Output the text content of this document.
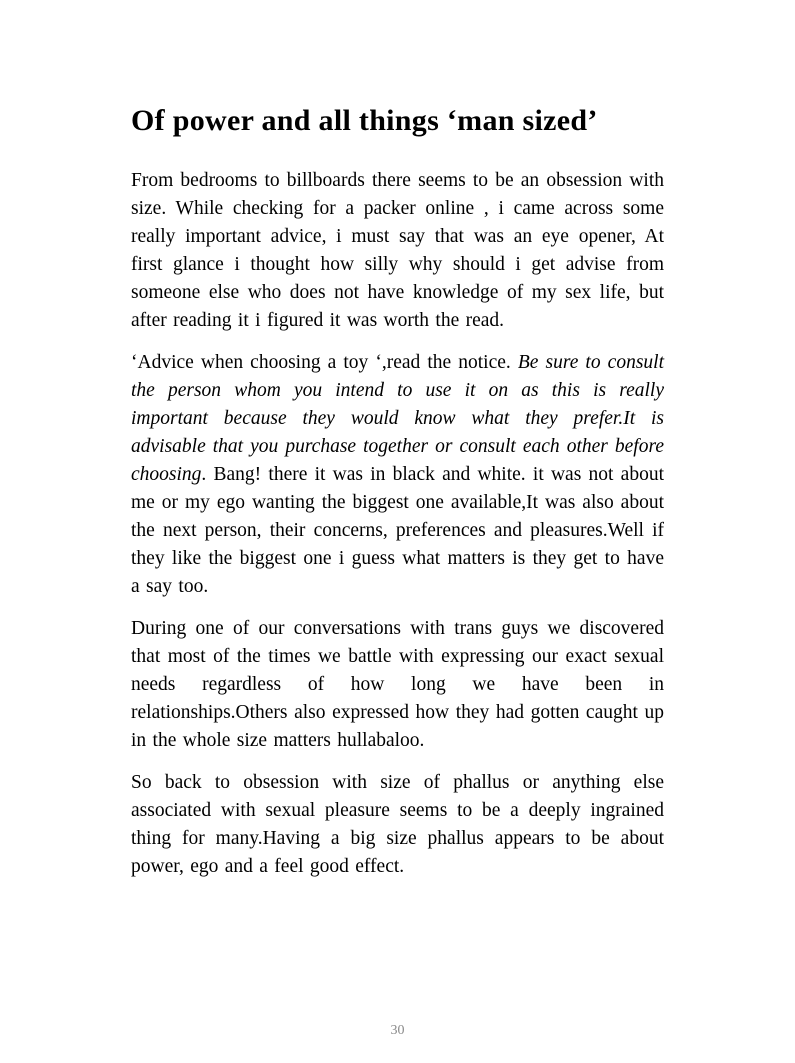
Of power and all things ‘man sized’

From bedrooms to billboards there seems to be an obsession with size. While checking for a packer online , i came across some really important advice, i must say that was an eye opener, At first glance i thought how silly why should i get advise from someone else who does not have knowledge of my sex life, but after reading it i figured it was worth the read.

‘Advice when choosing a toy ‘,read the notice. Be sure to consult the person whom you intend to use it on as this is really important because they would know what they prefer.It is advisable that you purchase together or consult each other before choosing. Bang! there it was in black and white. it was not about me or my ego wanting the biggest one available,It was also about the next person, their concerns, preferences and pleasures.Well if they like the biggest one i guess what matters is they get to have a say too.

During one of our conversations with trans guys we discovered that most of the times we battle with expressing our exact sexual needs regardless of how long we have been in relationships.Others also expressed how they had gotten caught up in the whole size matters hullabaloo.

So back to obsession with size of phallus or anything else associated with sexual pleasure seems to be a deeply ingrained thing for many.Having a big size phallus appears to be about power, ego and a feel good effect.

30
